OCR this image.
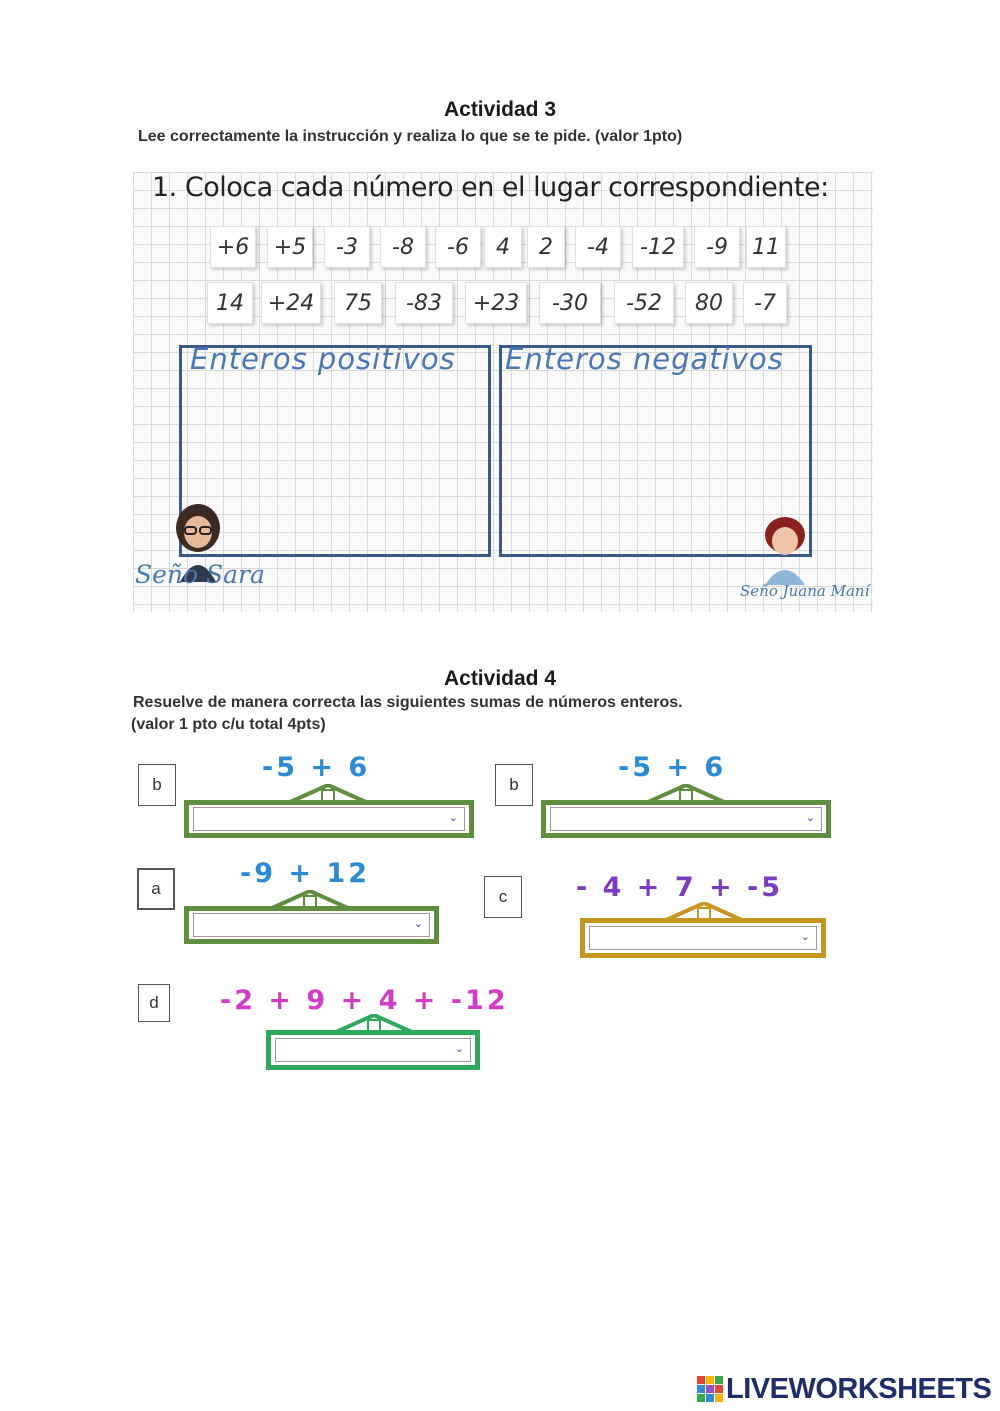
Actividad 3
Lee correctamente la instrucción y realiza lo que se te pide. (valor 1pto)
1. Coloca cada número en el lugar correspondiente:
+6	+5	-3	-8	-6	4	2	-4	-12	-9	11
14	+24	75	-83	+23	-30	-52	80	-7
Enteros positivos Enteros negativos
Seño Sara
Seño Juana Maní
Actividad 4
Resuelve de manera correcta las siguientes sumas de números enteros.
(valor 1 pto c/u total 4pts)
b
-5 + 6
⌄
b
-5 + 6
⌄
a	-9 + 12
⌄
c	- 4 + 7 + -5
⌄
d	-2 + 9 + 4 + -12
⌄
LIVEWORKSHEETS
